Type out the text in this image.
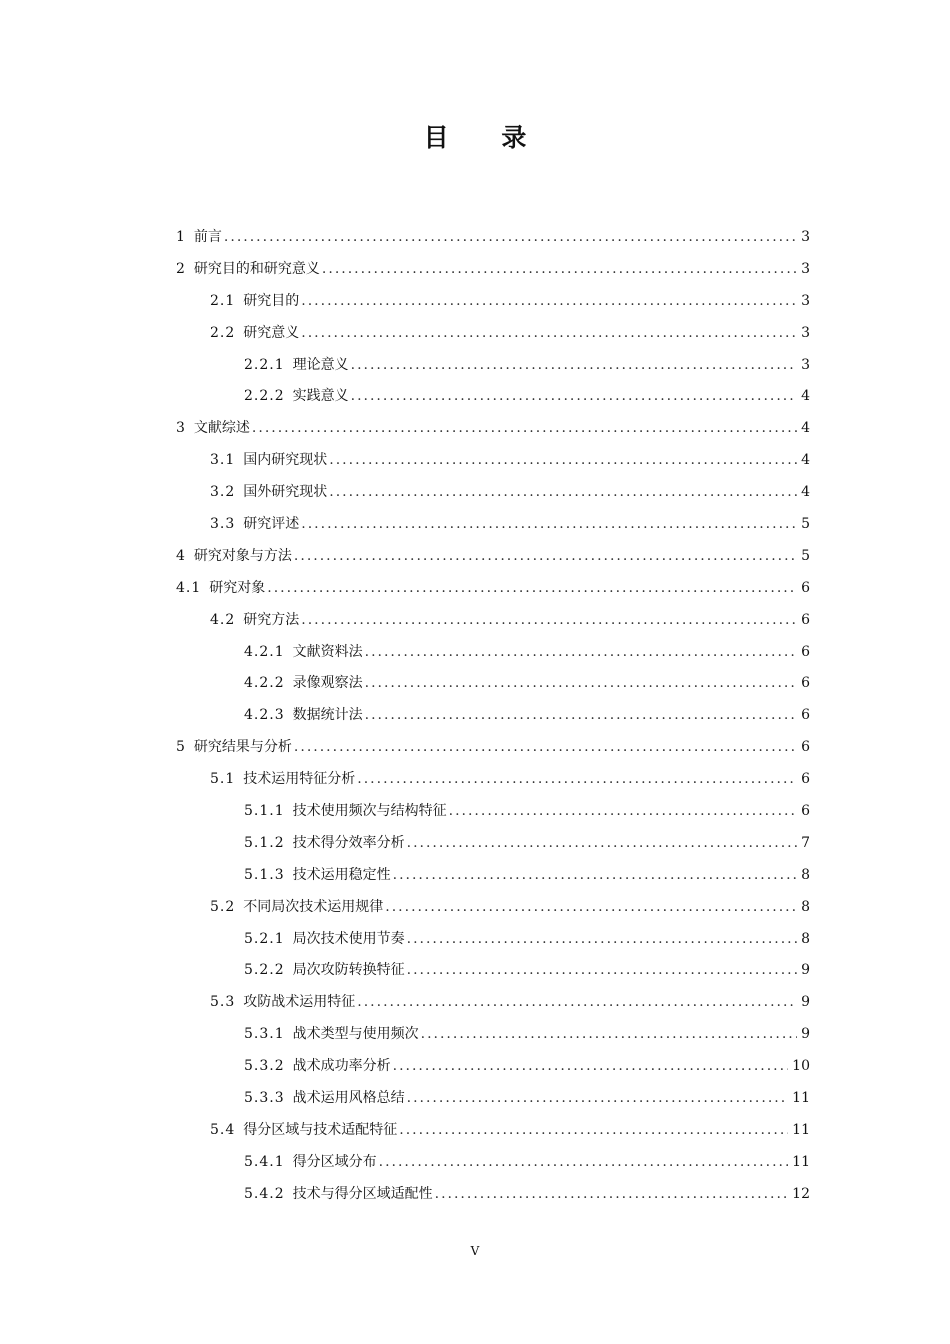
目 录
1 前言 .....	3
2 研究目的和研究意义 .....	3
2.1 研究目的 .....	3
2.2 研究意义 .....	3
2.2.1 理论意义 .....	3
2.2.2 实践意义 .....	4
3 文献综述 .....	4
3.1 国内研究现状 .....	4
3.2 国外研究现状 .....	4
3.3 研究评述 .....	5
4 研究对象与方法 .....	5
4.1 研究对象 .....	6
4.2 研究方法 .....	6
4.2.1 文献资料法 .....	6
4.2.2 录像观察法 .....	6
4.2.3 数据统计法 .....	6
5 研究结果与分析 .....	6
5.1 技术运用特征分析 .....	6
5.1.1 技术使用频次与结构特征 .....	6
5.1.2 技术得分效率分析 .....	7
5.1.3 技术运用稳定性 .....	8
5.2 不同局次技术运用规律 .....	8
5.2.1 局次技术使用节奏 .....	8
5.2.2 局次攻防转换特征 .....	9
5.3 攻防战术运用特征 .....	9
5.3.1 战术类型与使用频次 .....	9
5.3.2 战术成功率分析 .....	10
5.3.3 战术运用风格总结 .....	11
5.4 得分区域与技术适配特征 .....	11
5.4.1 得分区域分布 .....	11
5.4.2 技术与得分区域适配性 .....	12
V
